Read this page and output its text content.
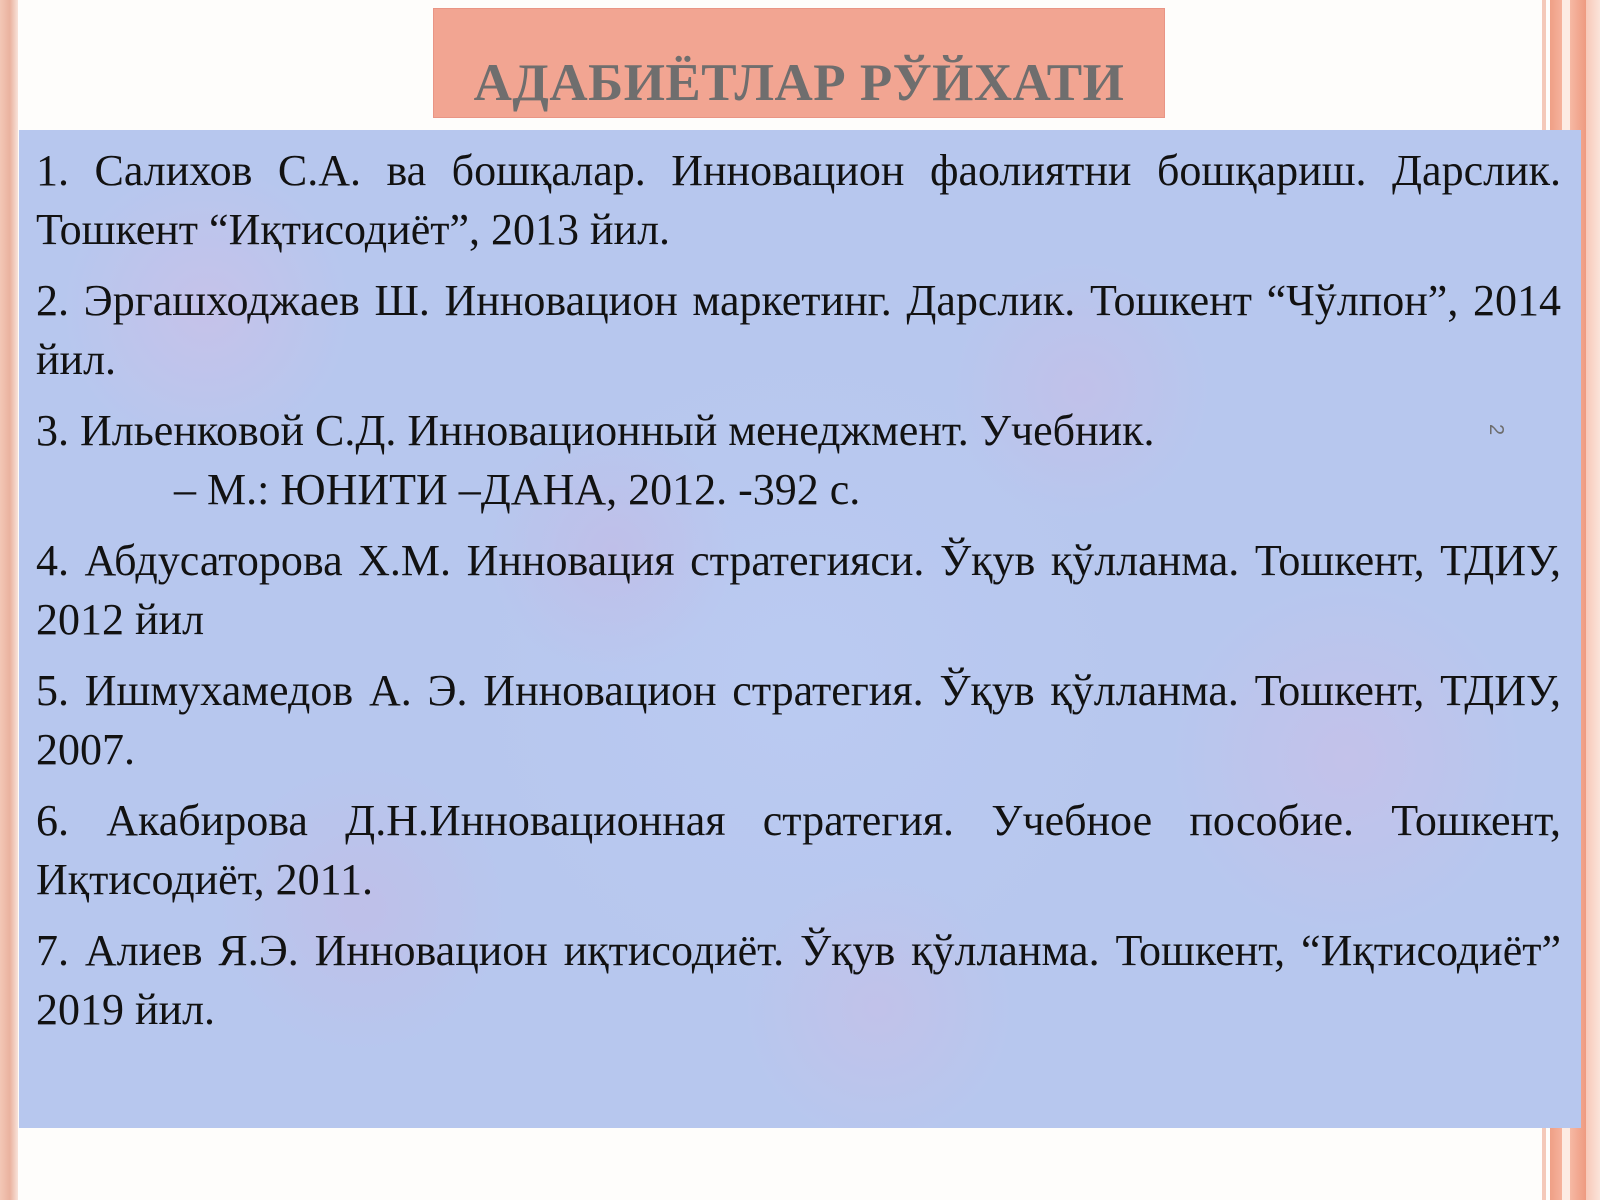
АДАБИЁТЛАР РЎЙХАТИ
1. Салихов С.А. ва бошқалар. Инновацион фаолиятни бошқариш. Дарслик. Тошкент “Иқтисодиёт”, 2013 йил.
2. Эргашходжаев Ш. Инновацион маркетинг. Дарслик. Тошкент “Чўлпон”, 2014 йил.
3. Ильенковой С.Д. Инновационный менеджмент. Учебник.
– М.: ЮНИТИ –ДАНА, 2012. -392 с.
4. Абдусаторова Х.М. Инновация стратегияси. Ўқув қўлланма. Тошкент, ТДИУ, 2012 йил
5. Ишмухамедов А. Э. Инновацион стратегия. Ўқув қўлланма. Тошкент, ТДИУ, 2007.
6. Акабирова Д.Н.Инновационная стратегия. Учебное пособие. Тошкент, Иқтисодиёт, 2011.
7. Алиев Я.Э. Инновацион иқтисодиёт. Ўқув қўлланма. Тошкент, “Иқтисодиёт” 2019 йил.
2
